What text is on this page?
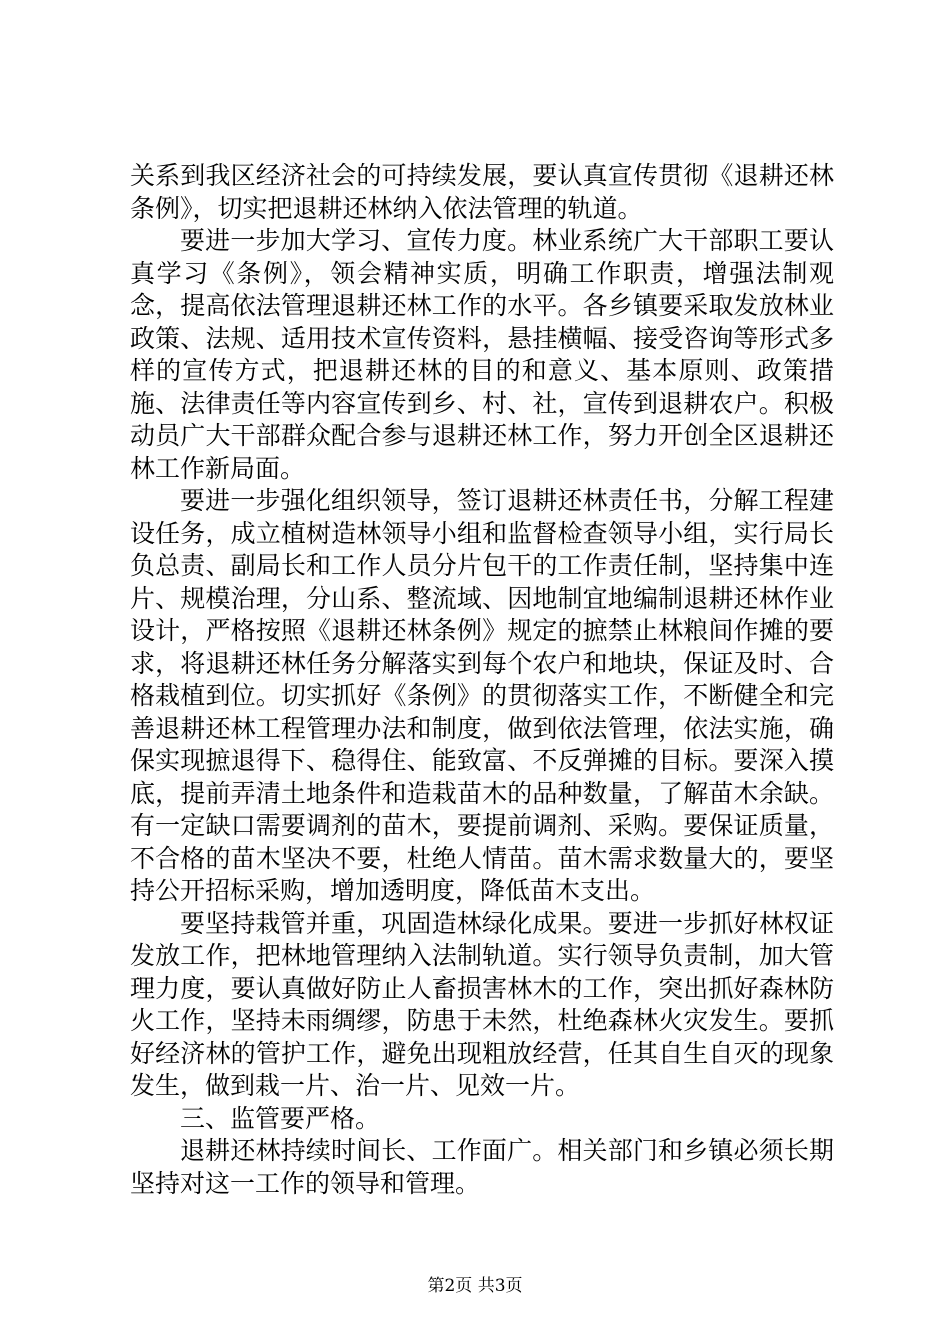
关系到我区经济社会的可持续发展，要认真宣传贯彻《退耕还林条例》，切实把退耕还林纳入依法管理的轨道。

要进一步加大学习、宣传力度。林业系统广大干部职工要认真学习《条例》，领会精神实质，明确工作职责，增强法制观念，提高依法管理退耕还林工作的水平。各乡镇要采取发放林业政策、法规、适用技术宣传资料，悬挂横幅、接受咨询等形式多样的宣传方式，把退耕还林的目的和意义、基本原则、政策措施、法律责任等内容宣传到乡、村、社，宣传到退耕农户。积极动员广大干部群众配合参与退耕还林工作，努力开创全区退耕还林工作新局面。

要进一步强化组织领导，签订退耕还林责任书，分解工程建设任务，成立植树造林领导小组和监督检查领导小组，实行局长负总责、副局长和工作人员分片包干的工作责任制，坚持集中连片、规模治理，分山系、整流域、因地制宜地编制退耕还林作业设计，严格按照《退耕还林条例》规定的摭禁止林粮间作摊的要求，将退耕还林任务分解落实到每个农户和地块，保证及时、合格栽植到位。切实抓好《条例》的贯彻落实工作，不断健全和完善退耕还林工程管理办法和制度，做到依法管理，依法实施，确保实现摭退得下、稳得住、能致富、不反弹摊的目标。要深入摸底，提前弄清土地条件和造栽苗木的品种数量，了解苗木余缺。有一定缺口需要调剂的苗木，要提前调剂、采购。要保证质量，不合格的苗木坚决不要，杜绝人情苗。苗木需求数量大的，要坚持公开招标采购，增加透明度，降低苗木支出。

要坚持栽管并重，巩固造林绿化成果。要进一步抓好林权证发放工作，把林地管理纳入法制轨道。实行领导负责制，加大管理力度，要认真做好防止人畜损害林木的工作，突出抓好森林防火工作，坚持未雨绸缪，防患于未然，杜绝森林火灾发生。要抓好经济林的管护工作，避免出现粗放经营，任其自生自灭的现象发生，做到栽一片、治一片、见效一片。

三、监管要严格。

退耕还林持续时间长、工作面广。相关部门和乡镇必须长期坚持对这一工作的领导和管理。

第2页 共3页
